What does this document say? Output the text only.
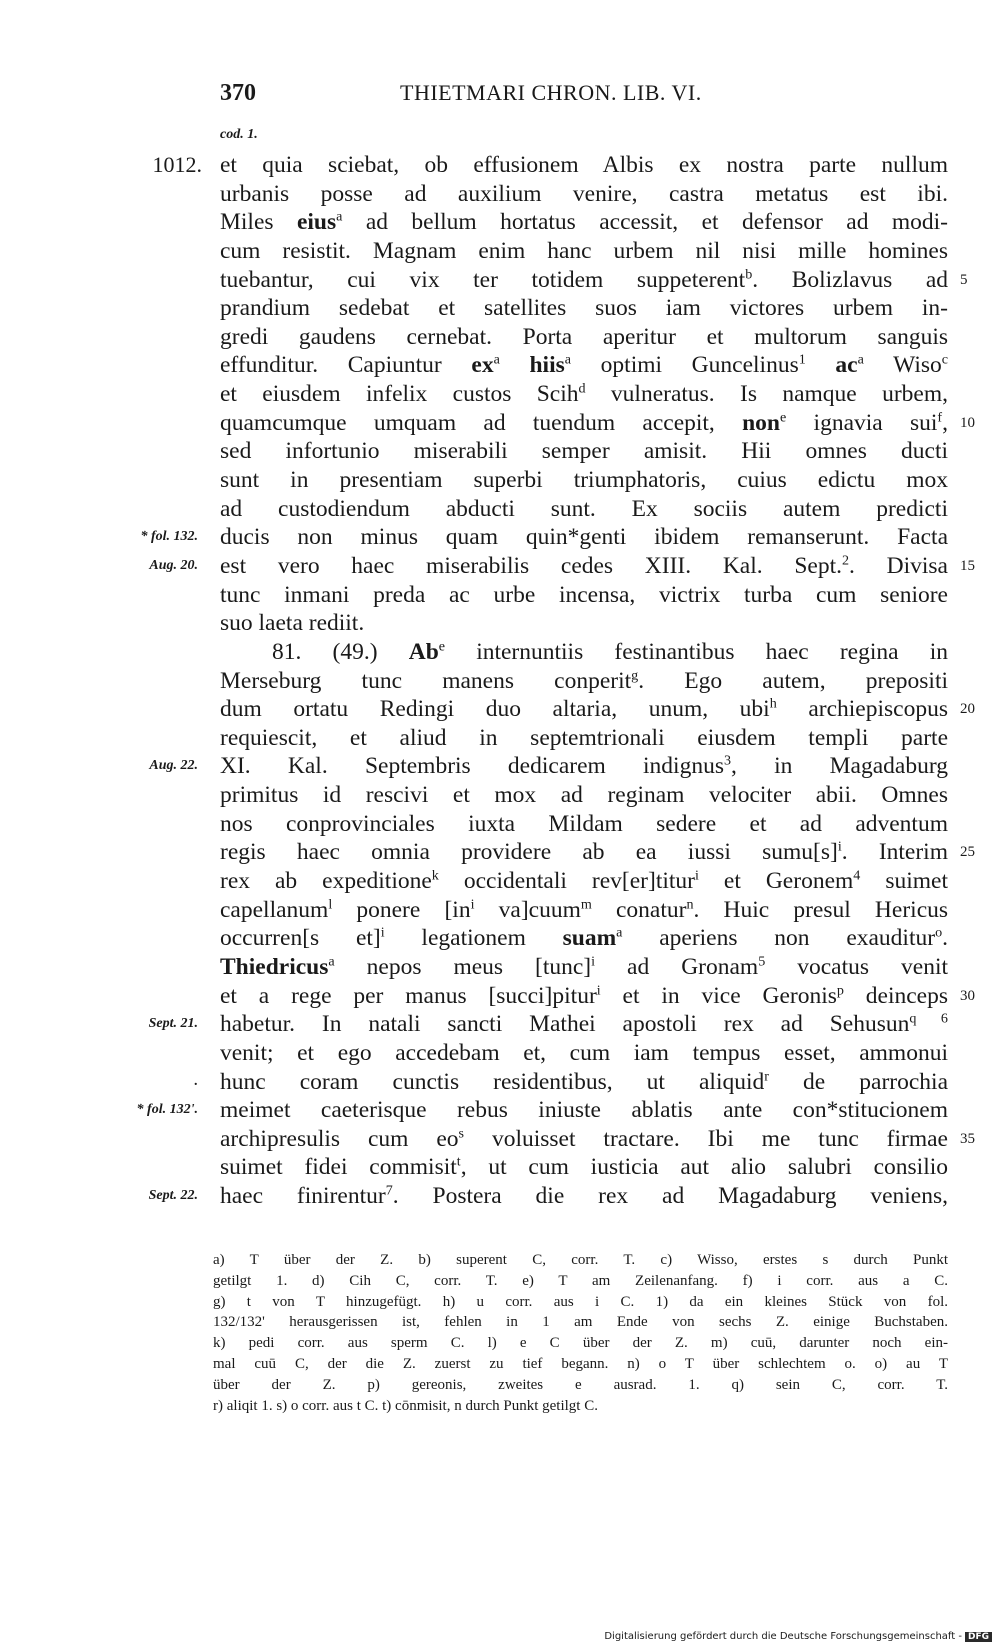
370	THIETMARI CHRON. LIB. VI.
cod. 1.
1012. et quia sciebat, ob effusionem Albis ex nostra parte nullum
urbanis posse ad auxilium venire, castra metatus est ibi.
Miles eius$^a$ ad bellum hortatus accessit, et defensor ad modi-
cum resistit. Magnam enim hanc urbem nil nisi mille homines
tuebantur, cui vix ter totidem suppeterent$^b$. Bolizlavus ad 5
prandium sedebat et satellites suos iam victores urbem in-
gredi gaudens cernebat. Porta aperitur et multorum sanguis
effunditur. Capiuntur $ex^a$ hiis$^a$ optimi Guncelinus$^1$ $ac^a$ Wiso$^c$
et eiusdem infelix custos Scih$^d$ vulneratus. Is namque urbem,
quamcumque umquam ad tuendum accepit, non$^e$ ignavia sui$^f$, 10
sed infortunio miserabili semper amisit. Hii omnes ducti
sunt in presentiam superbi triumphatoris, cuius edictu mox
ad custodiendum abducti sunt. Ex sociis autem predicti
* fol. 132. ducis non minus quam quin*genti ibidem remanserunt. Facta
Aug. 20. est vero haec miserabilis cedes XIII. Kal. Sept.$^2$. Divisa 15
tunc inmani preda ac urbe incensa, victrix turba cum seniore
suo laeta rediit.
81. (49.) Ab$^e$ internuntiis festinantibus haec regina in
Merseburg tunc manens conperit$^g$. Ego autem, prepositi
dum ortatu Redingi duo altaria, unum, ubi$^h$ archiepiscopus 20
requiescit, et aliud in septemtrionali eiusdem templi parte
Aug. 22. XI. Kal. Septembris dedicarem indignus$^3$, in Magadaburg
primitus id rescivi et mox ad reginam velociter abii. Omnes
nos conprovinciales iuxta Mildam sedere et ad adventum
regis haec omnia providere ab ea iussi $sumu[s]^i$. Interim 25
rex ab expeditione$^k$ occidentali rev[er]titur$^i$ et Geronem$^4$ suimet
capellanum$^l$ ponere [$in^i$ va]cuum$^m$ conatur$^n$. Huic presul Hericus
occurren[s et]$^i$ legationem suam$^a$ aperiens non exauditur$^o$.
Thiedricus$^a$ nepos meus [tunc]$^i$ ad Gronam$^5$ vocatus venit
et a rege per manus [succi]pitur$^i$ et in vice Geronis$^p$ deinceps 30
Sept. 21. habetur. In natali sancti Mathei apostoli rex ad Sehusun$^{q 6}$
venit; et ego accedebam et, cum iam tempus esset, ammonui
. hunc coram cunctis residentibus, ut aliquid$^r$ de parrochia
* fol. 132'. meimet caeterisque rebus iniuste ablatis ante con*stitucionem
archipresulis cum $eo^s$ voluisset tractare. Ibi me tunc firmae 35
suimet fidei commisit$^t$, ut cum iusticia aut alio salubri consilio
Sept. 22. haec finirentur$^7$. Postera die rex ad Magadaburg veniens,
a) T über der Z. b) superent C, corr. T. c) Wisso, erstes s durch Punkt
getilgt 1. d) Cih C, corr. T. e) T am Zeilenanfang. f) i corr. aus a C.
g) t von T hinzugefügt. h) u corr. aus i C. 1) da ein kleines Stück von fol.
132/132' herausgerissen ist, fehlen in 1 am Ende von sechs Z. einige Buchstaben.
k) pedi corr. aus sperm C. l) e C über der Z. m) cuū, darunter noch ein-
mal cuū C, der die Z. zuerst zu tief begann. n) o T über schlechtem o. o) au T
über der Z. p) gereonis, zweites e ausrad. 1. q) sein C, corr. T.
r) aliqit 1. s) o corr. aus t C. t) cōnmisit, n durch Punkt getilgt C.
Digitalisierung gefördert durch die Deutsche Forschungsgemeinschaft - DFG
